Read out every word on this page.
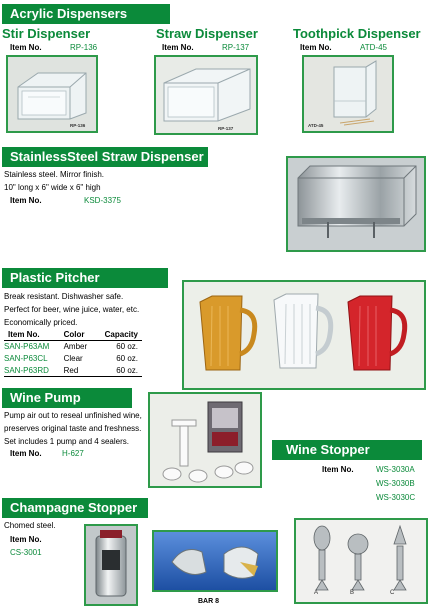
Acrylic Dispensers
Stir Dispenser
Item No.	RP-136
RP-136
Straw Dispenser
Item No.	RP-137
RP-137
Toothpick Dispenser
Item No.	ATD-45
ATD-45
StainlessSteel Straw Dispenser
Stainless steel. Mirror finish.
10" long x 6" wide x 6" high
Item No.	KSD-3375
Plastic Pitcher
Break resistant. Dishwasher safe.
Perfect for beer, wine juice, water, etc.
Economically priced.
Item No.	Color	Capacity
SAN-P63AM	Amber	60 oz.
SAN-P63CL	Clear	60 oz.
SAN-P63RD	Red	60 oz.
Wine Pump
Pump air out to reseal unfinished wine,
preserves original taste and freshness.
Set includes 1 pump and 4 sealers.
Item No.	H-627	Wine Stopper
Item No.	WS-3030A
WS-3030B
WS-3030C
A	B	C
Champagne Stopper
Chomed steel.
Item No.
CS-3001
BAR 8
